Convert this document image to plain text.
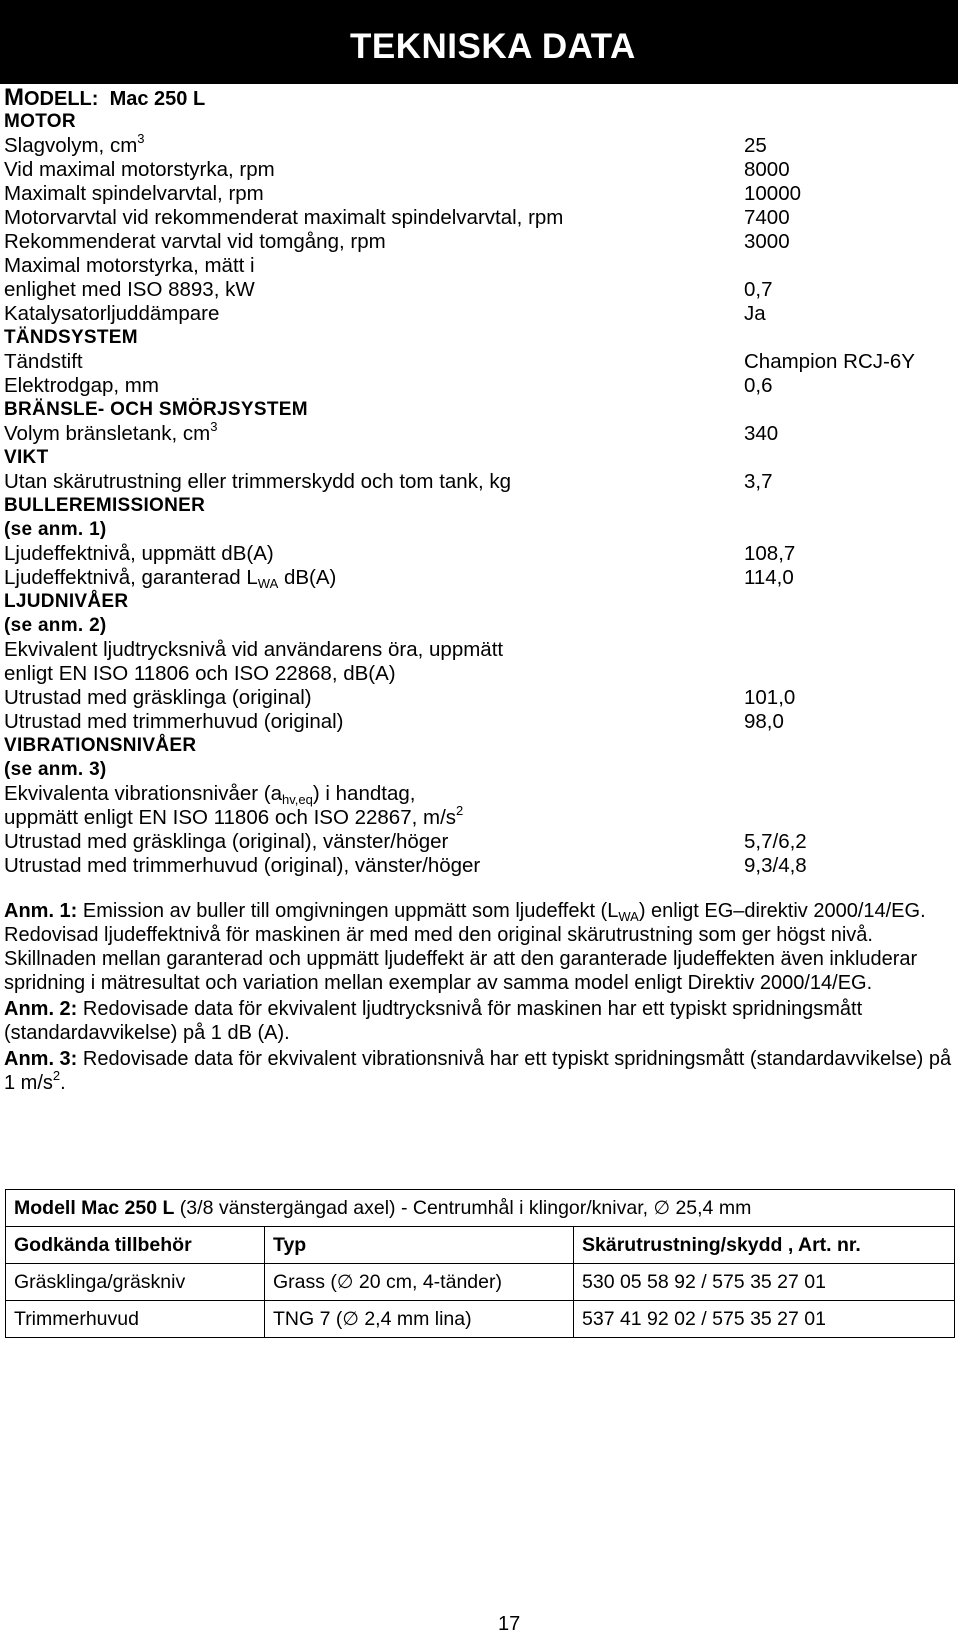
TEKNISKA DATA
MODELL: Mac 250 L
MOTOR
Slagvolym, $cm^3$	25
Vid maximal motorstyrka, rpm	8000
Maximalt spindelvarvtal, rpm	10000
Motorvarvtal vid rekommenderat maximalt spindelvarvtal, rpm	7400
Rekommenderat varvtal vid tomgång, rpm	3000
Maximal motorstyrka, mätt i
enlighet med ISO 8893, kW	0,7
Katalysatorljuddämpare	Ja
TÄNDSYSTEM
Tändstift	Champion RCJ-6Y
Elektrodgap, mm	0,6
BRÄNSLE- OCH SMÖRJSYSTEM
Volym bränsletank, $cm^3$	340
VIKT
Utan skärutrustning eller trimmerskydd och tom tank, kg	3,7
BULLEREMISSIONER
(se anm. 1)
Ljudeffektnivå, uppmätt dB(A)	108,7
Ljudeffektnivå, garanterad $L_{WA}$ dB(A)	114,0
LJUDNIVÅER
(se anm. 2)
Ekvivalent ljudtrycksnivå vid användarens öra, uppmätt
enligt EN ISO 11806 och ISO 22868, dB(A)
Utrustad med gräsklinga (original)	101,0
Utrustad med trimmerhuvud (original)	98,0
VIBRATIONSNIVÅER
(se anm. 3)
Ekvivalenta vibrationsnivåer $(a_{hv,eq})$ i handtag,
uppmätt enligt EN ISO 11806 och ISO 22867, $m/s^2$
Utrustad med gräsklinga (original), vänster/höger	5,7/6,2
Utrustad med trimmerhuvud (original), vänster/höger	9,3/4,8
Anm. 1: Emission av buller till omgivningen uppmätt som ljudeffekt $(L_{WA})$ enligt EG–direktiv 2000/14/EG. Redovisad ljudeffektnivå för maskinen är med med den original skärutrustning som ger högst nivå. Skillnaden mellan garanterad och uppmätt ljudeffekt är att den garanterade ljudeffekten även inkluderar spridning i mätresultat och variation mellan exemplar av samma model enligt Direktiv 2000/14/EG.
Anm. 2: Redovisade data för ekvivalent ljudtrycksnivå för maskinen har ett typiskt spridningsmått (standardavvikelse) på 1 dB (A).
Anm. 3: Redovisade data för ekvivalent vibrationsnivå har ett typiskt spridningsmått (standardavvikelse) på 1 $m/s^2$.
Modell Mac 250 L (3/8 vänstergängad axel) - Centrumhål i klingor/knivar, ∅ 25,4 mm		
Godkända tillbehör	Typ	Skärutrustning/skydd , Art. nr.
Gräsklinga/gräskniv	Grass (∅ 20 cm, 4-tänder)	530 05 58 92 / 575 35 27 01
Trimmerhuvud	TNG 7 (∅ 2,4 mm lina)	537 41 92 02 / 575 35 27 01
17
